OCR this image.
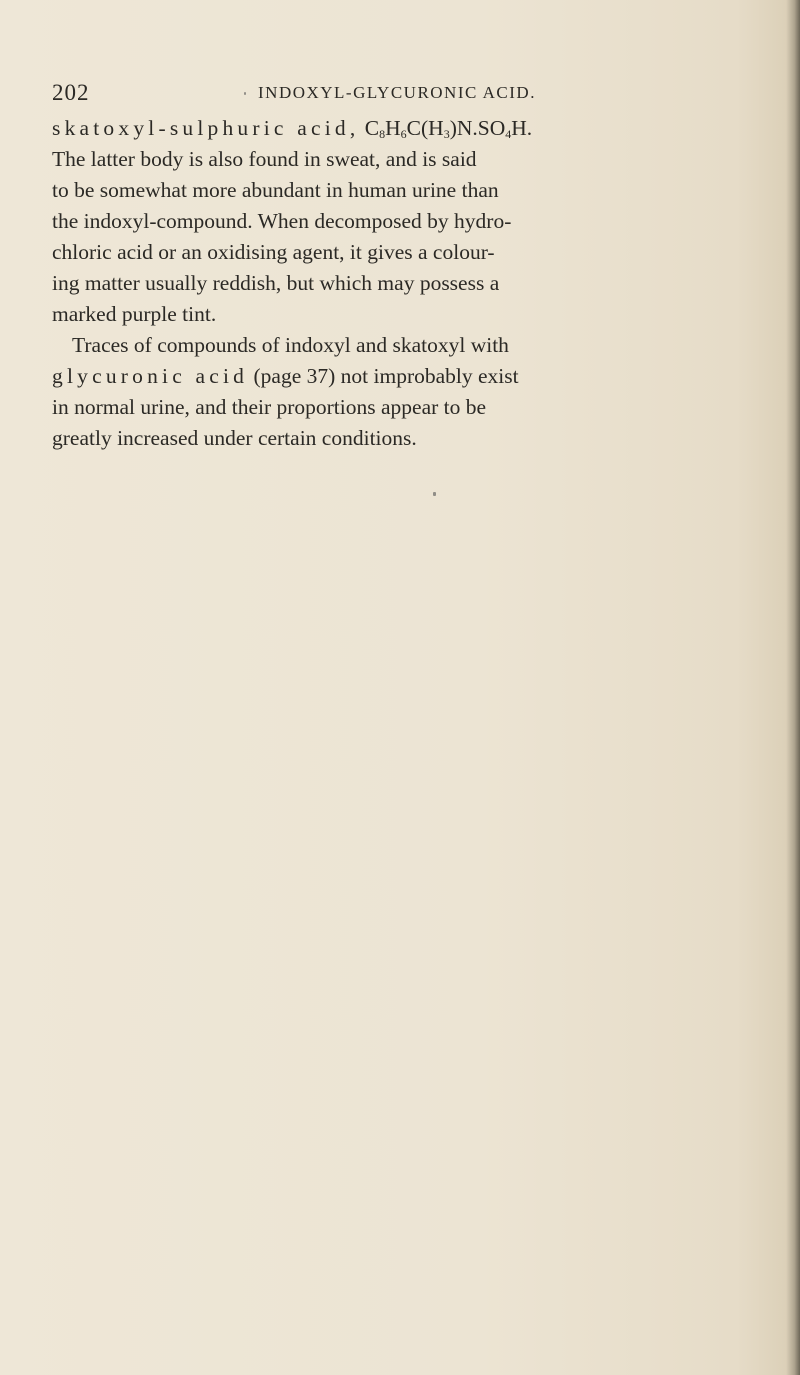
202	INDOXYL-GLYCURONIC ACID.
skatoxyl-sulphuric acid, $C_8H_6C(H_3)N.SO_4H$.
The latter body is also found in sweat, and is said
to be somewhat more abundant in human urine than
the indoxyl-compound. When decomposed by hydro-
chloric acid or an oxidising agent, it gives a colour-
ing matter usually reddish, but which may possess a
marked purple tint.
Traces of compounds of indoxyl and skatoxyl with
glycuronic acid (page 37) not improbably exist
in normal urine, and their proportions appear to be
greatly increased under certain conditions.
